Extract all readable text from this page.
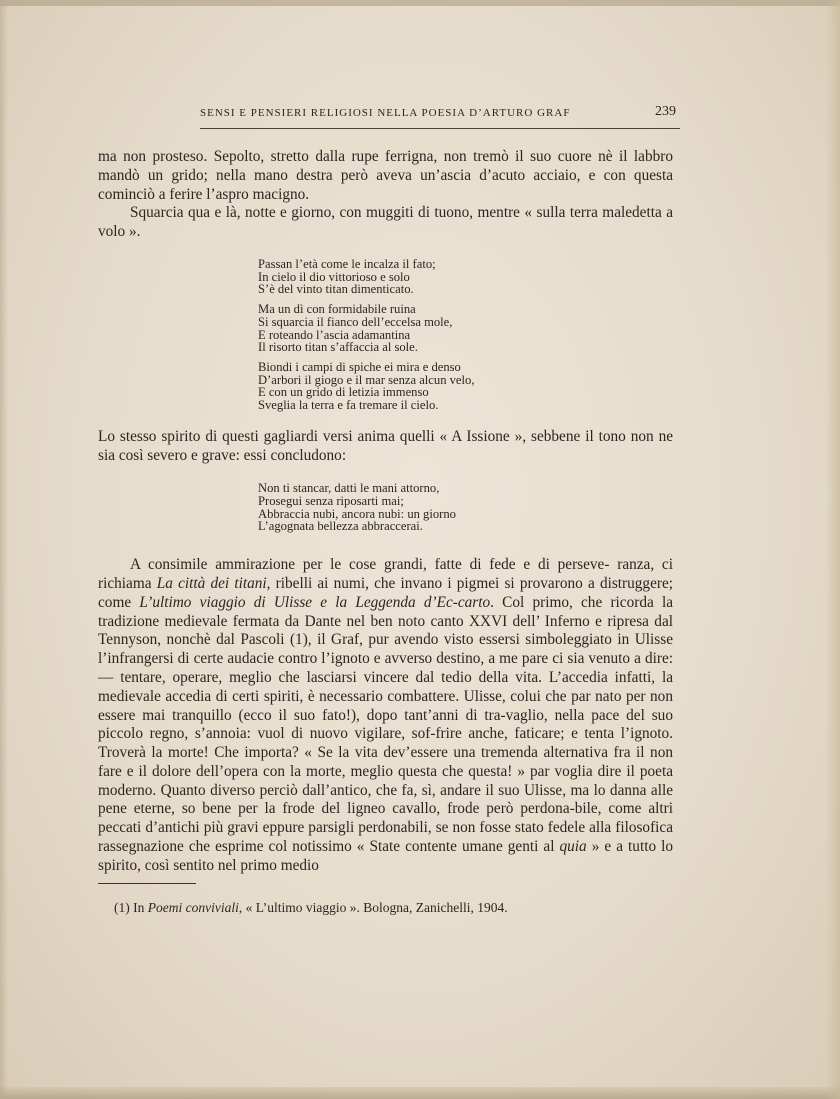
SENSI E PENSIERI RELIGIOSI NELLA POESIA D’ARTURO GRAF	239

ma non prosteso. Sepolto, stretto dalla rupe ferrigna, non tremò il suo cuore nè il labbro mandò un grido; nella mano destra però aveva un’ascia d’acuto acciaio, e con questa cominciò a ferire l’aspro macigno.

Squarcia qua e là, notte e giorno, con muggiti di tuono, mentre « sulla terra maledetta a volo ».

Passan l’età come le incalza il fato;
In cielo il dio vittorioso e solo
S’è del vinto titan dimenticato.
Ma un dì con formidabile ruina
Si squarcia il fianco dell’eccelsa mole,
E roteando l’ascia adamantina
Il risorto titan s’affaccia al sole.
Biondi i campi di spiche ei mira e denso
D’arbori il giogo e il mar senza alcun velo,
E con un grido di letizia immenso
Sveglia la terra e fa tremare il cielo.

Lo stesso spirito di questi gagliardi versi anima quelli « A Issione », sebbene il tono non ne sia così severo e grave: essi concludono:

Non ti stancar, datti le mani attorno,
Prosegui senza riposarti mai;
Abbraccia nubi, ancora nubi: un giorno
L’agognata bellezza abbraccerai.

A consimile ammirazione per le cose grandi, fatte di fede e di perseve- ranza, ci richiama La città dei titani, ribelli ai numi, che invano i pigmei si provarono a distruggere; come L’ultimo viaggio di Ulisse e la Leggenda d’Ec-carto. Col primo, che ricorda la tradizione medievale fermata da Dante nel ben noto canto XXVI dell’ Inferno e ripresa dal Tennyson, nonchè dal Pascoli (1), il Graf, pur avendo visto essersi simboleggiato in Ulisse l’infrangersi di certe audacie contro l’ignoto e avverso destino, a me pare ci sia venuto a dire: — tentare, operare, meglio che lasciarsi vincere dal tedio della vita. L’accedia infatti, la medievale accedia di certi spiriti, è necessario combattere. Ulisse, colui che par nato per non essere mai tranquillo (ecco il suo fato!), dopo tant’anni di tra-vaglio, nella pace del suo piccolo regno, s’annoia: vuol di nuovo vigilare, sof-frire anche, faticare; e tenta l’ignoto. Troverà la morte! Che importa? « Se la vita dev’essere una tremenda alternativa fra il non fare e il dolore dell’opera con la morte, meglio questa che questa! » par voglia dire il poeta moderno. Quanto diverso perciò dall’antico, che fa, sì, andare il suo Ulisse, ma lo danna alle pene eterne, so bene per la frode del ligneo cavallo, frode però perdona-bile, come altri peccati d’antichi più gravi eppure parsigli perdonabili, se non fosse stato fedele alla filosofica rassegnazione che esprime col notissimo « State contente umane genti al quia » e a tutto lo spirito, così sentito nel primo medio

(1) In Poemi conviviali, « L’ultimo viaggio ». Bologna, Zanichelli, 1904.
